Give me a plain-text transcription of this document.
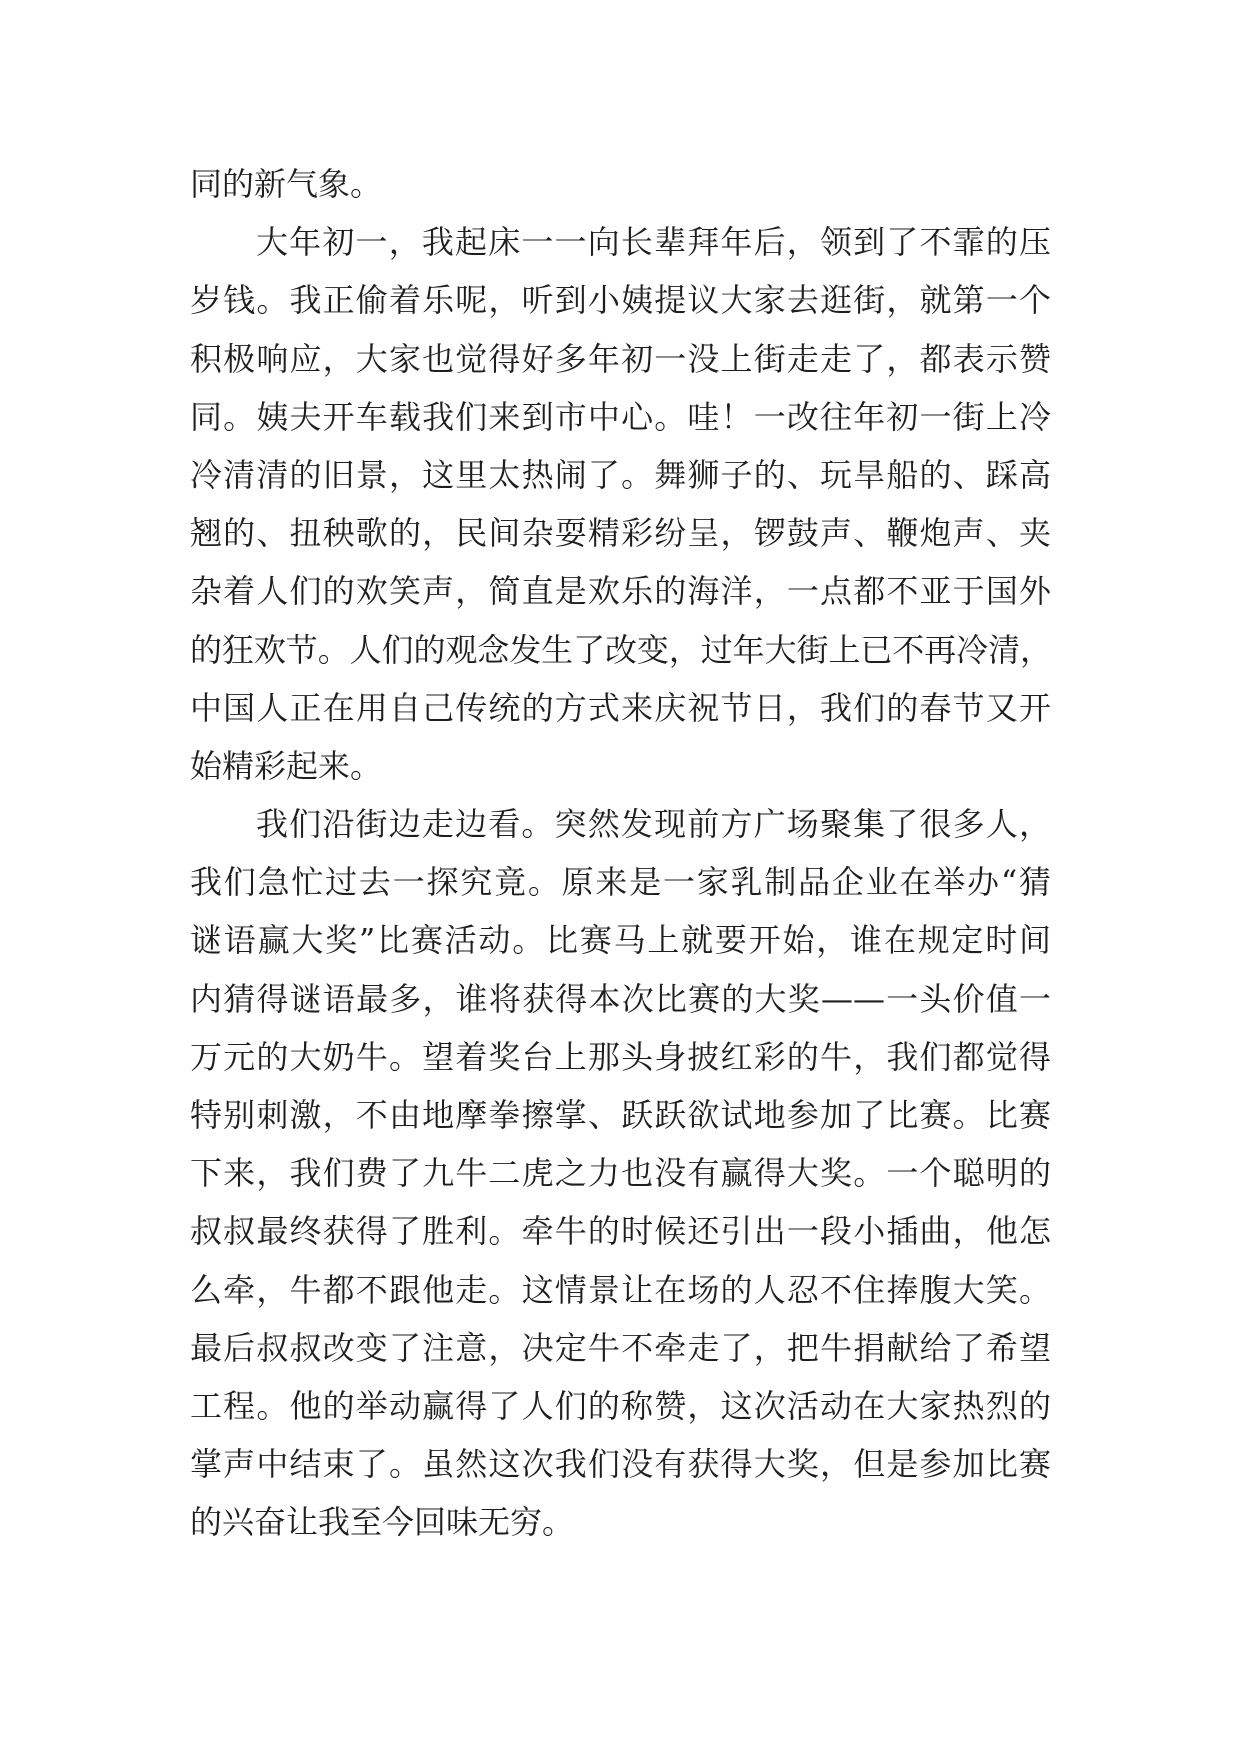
同的新气象。
大年初一，我起床一一向长辈拜年后，领到了不霏的压
岁钱。我正偷着乐呢，听到小姨提议大家去逛街，就第一个
积极响应，大家也觉得好多年初一没上街走走了，都表示赞
同。姨夫开车载我们来到市中心。哇！一改往年初一街上冷
冷清清的旧景，这里太热闹了。舞狮子的、玩旱船的、踩高
翘的、扭秧歌的，民间杂耍精彩纷呈，锣鼓声、鞭炮声、夹
杂着人们的欢笑声，简直是欢乐的海洋，一点都不亚于国外
的狂欢节。人们的观念发生了改变，过年大街上已不再冷清，
中国人正在用自己传统的方式来庆祝节日，我们的春节又开
始精彩起来。
我们沿街边走边看。突然发现前方广场聚集了很多人，
我们急忙过去一探究竟。原来是一家乳制品企业在举办“猜
谜语赢大奖”比赛活动。比赛马上就要开始，谁在规定时间
内猜得谜语最多，谁将获得本次比赛的大奖——一头价值一
万元的大奶牛。望着奖台上那头身披红彩的牛，我们都觉得
特别刺激，不由地摩拳擦掌、跃跃欲试地参加了比赛。比赛
下来，我们费了九牛二虎之力也没有赢得大奖。一个聪明的
叔叔最终获得了胜利。牵牛的时候还引出一段小插曲，他怎
么牵，牛都不跟他走。这情景让在场的人忍不住捧腹大笑。
最后叔叔改变了注意，决定牛不牵走了，把牛捐献给了希望
工程。他的举动赢得了人们的称赞，这次活动在大家热烈的
掌声中结束了。虽然这次我们没有获得大奖，但是参加比赛
的兴奋让我至今回味无穷。
